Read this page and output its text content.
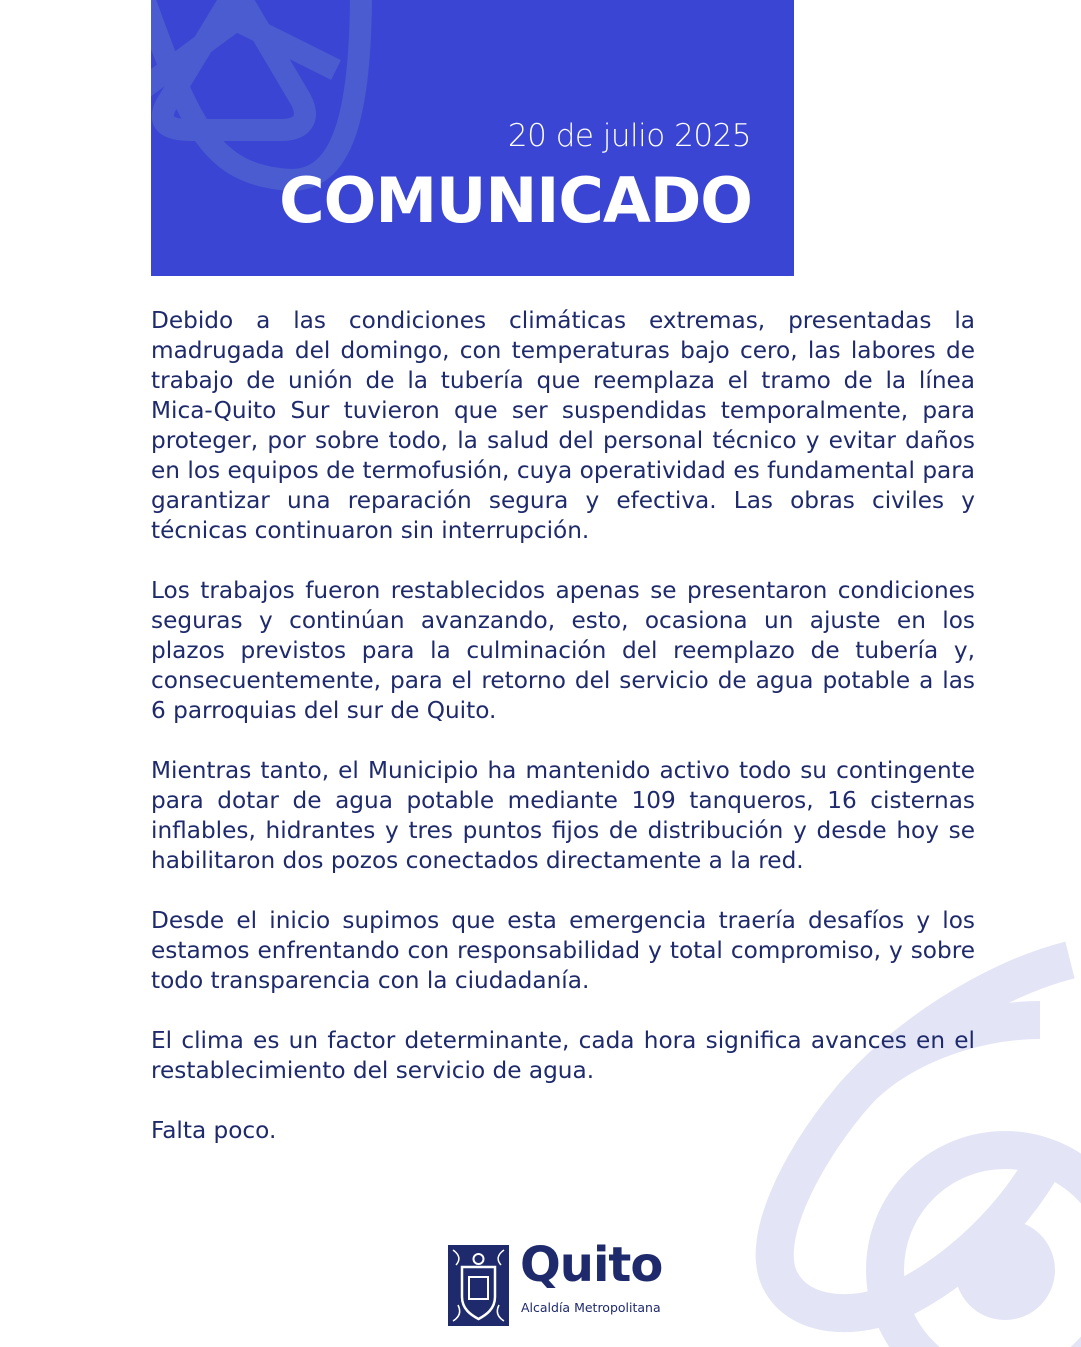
20 de julio 2025
COMUNICADO

Debido a las condiciones climáticas extremas, presentadas la madrugada del domingo, con temperaturas bajo cero, las labores de trabajo de unión de la tubería que reemplaza el tramo de la línea Mica-Quito Sur tuvieron que ser suspendidas temporalmente, para proteger, por sobre todo, la salud del personal técnico y evitar daños en los equipos de termofusión, cuya operatividad es fundamental para garantizar una reparación segura y efectiva. Las obras civiles y técnicas continuaron sin interrupción.

Los trabajos fueron restablecidos apenas se presentaron condiciones seguras y continúan avanzando, esto, ocasiona un ajuste en los plazos previstos para la culminación del reemplazo de tubería y, consecuentemente, para el retorno del servicio de agua potable a las 6 parroquias del sur de Quito.

Mientras tanto, el Municipio ha mantenido activo todo su contingente para dotar de agua potable mediante 109 tanqueros, 16 cisternas inflables, hidrantes y tres puntos fijos de distribución y desde hoy se habilitaron dos pozos conectados directamente a la red.

Desde el inicio supimos que esta emergencia traería desafíos y los estamos enfrentando con responsabilidad y total compromiso, y sobre todo transparencia con la ciudadanía.

El clima es un factor determinante, cada hora significa avances en el restablecimiento del servicio de agua.

Falta poco.

Quito
Alcaldía Metropolitana
